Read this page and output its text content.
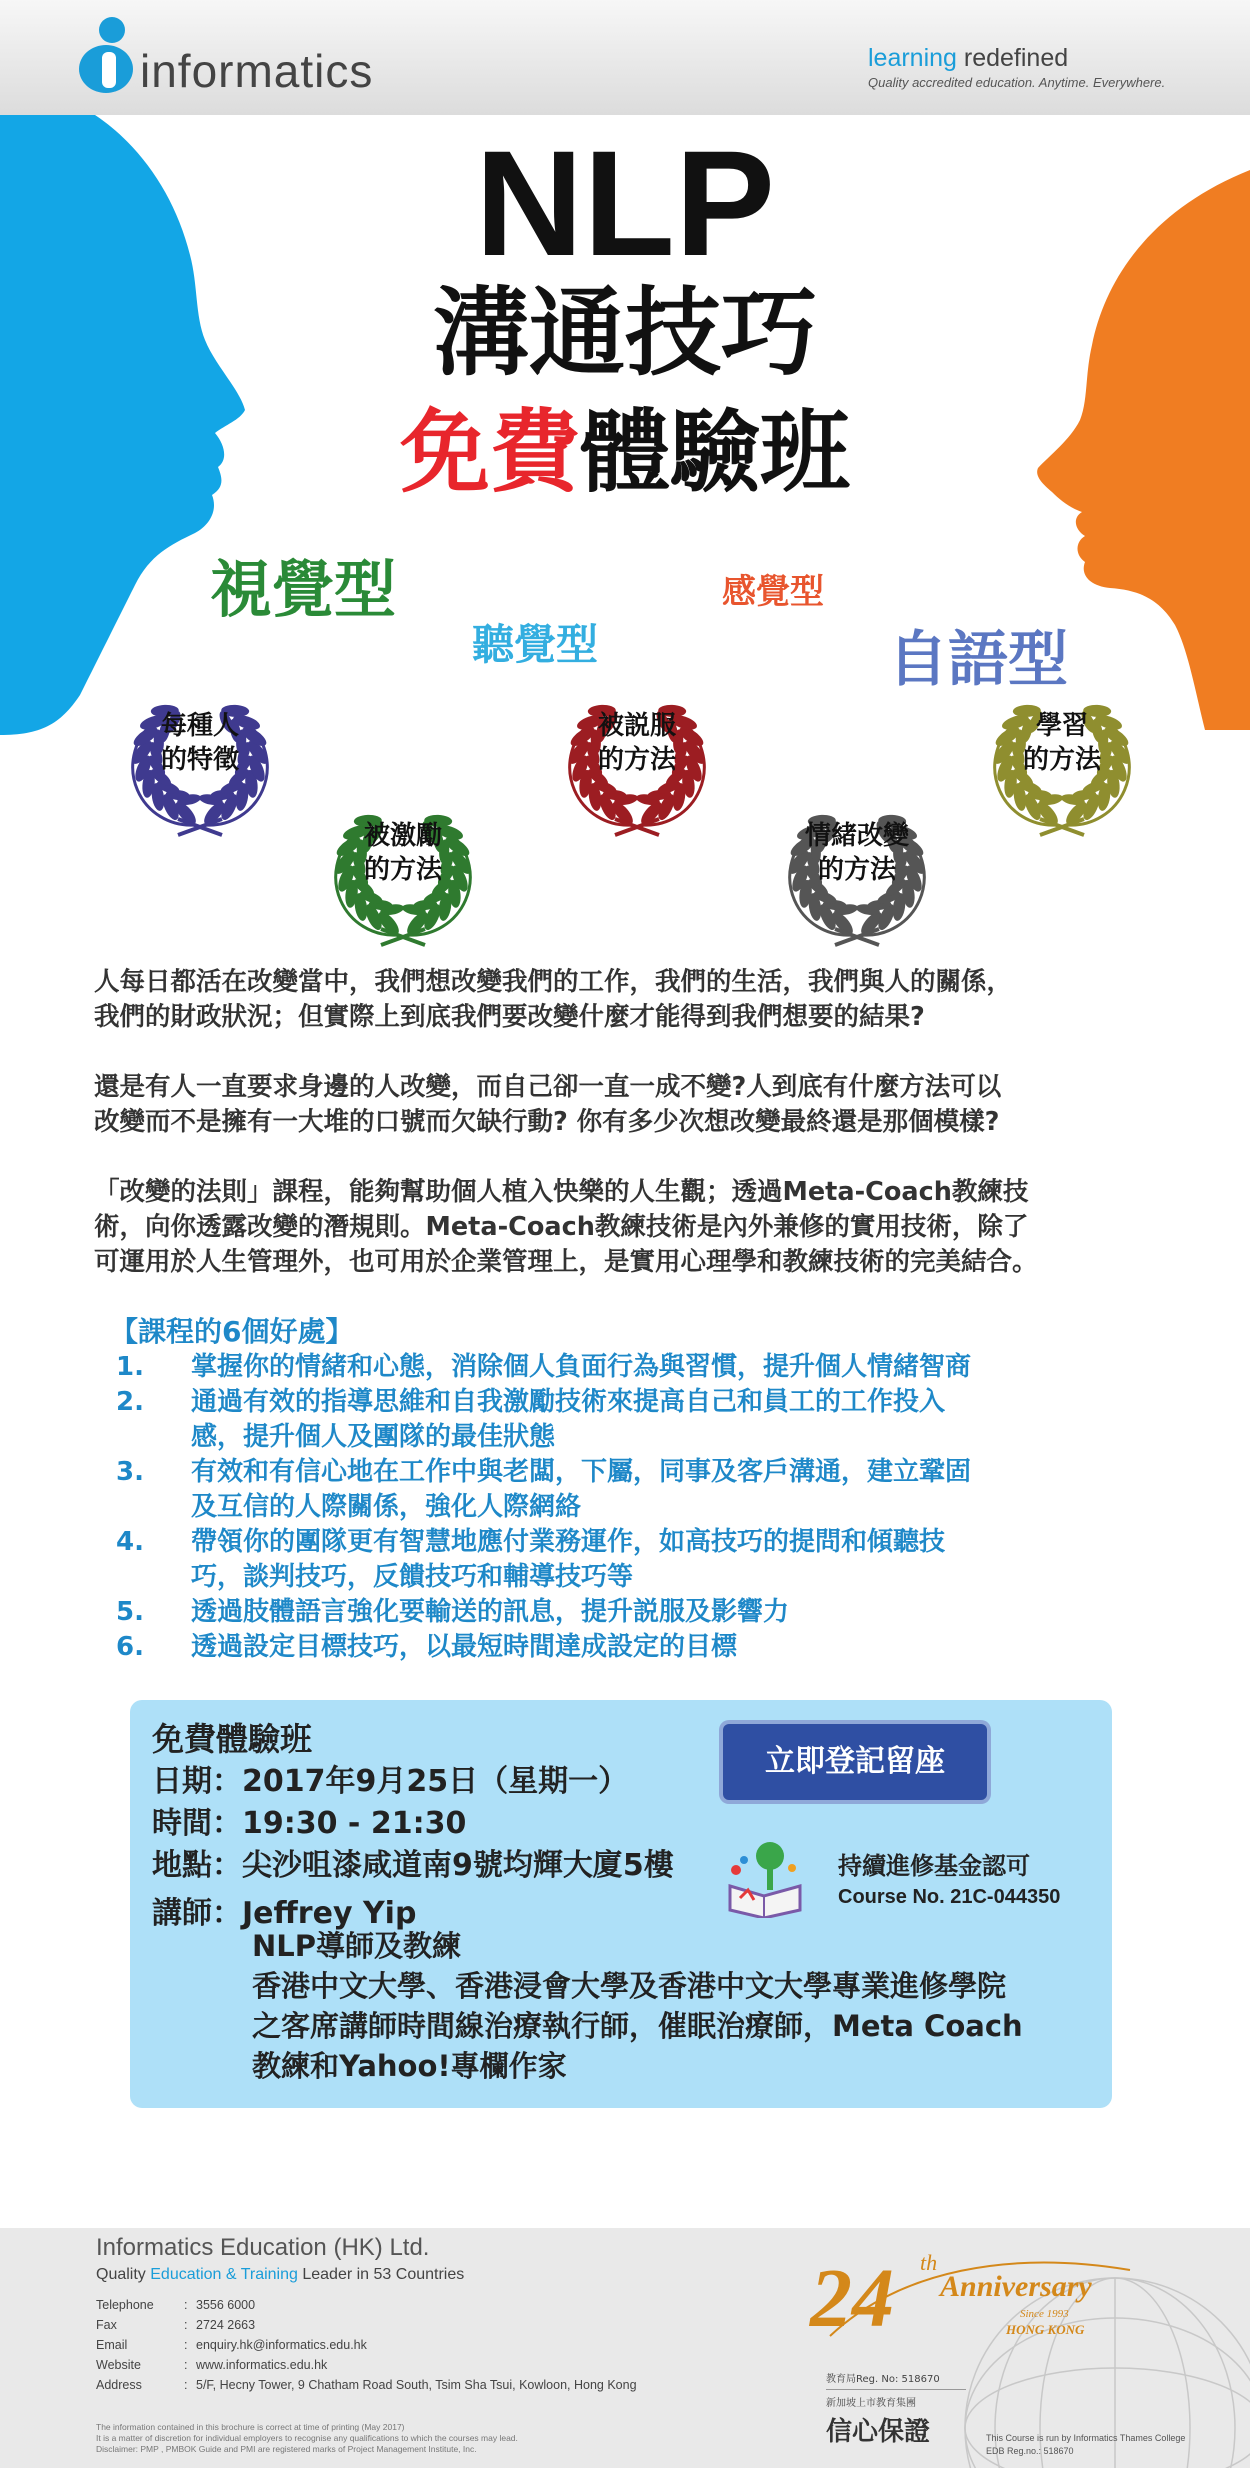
informatics	learning redefined
Quality accredited education. Anytime. Everywhere.
NLP
溝通技巧
免費體驗班
視覺型
聽覺型
感覺型
自語型
每種人
的特徵
被激勵
的方法
被説服
的方法
情緒改變
的方法
學習
的方法
人每日都活在改變當中，我們想改變我們的工作，我們的生活，我們與人的關係，
我們的財政狀況；但實際上到底我們要改變什麼才能得到我們想要的結果?
還是有人一直要求身邊的人改變，而自己卻一直一成不變?人到底有什麼方法可以
改變而不是擁有一大堆的口號而欠缺行動? 你有多少次想改變最終還是那個模樣?
「改變的法則」課程，能夠幫助個人植入快樂的人生觀；透過Meta-Coach教練技
術，向你透露改變的潛規則。Meta-Coach教練技術是內外兼修的實用技術，除了
可運用於人生管理外，也可用於企業管理上，是實用心理學和教練技術的完美結合。
【課程的6個好處】
1. 掌握你的情緒和心態，消除個人負面行為與習慣，提升個人情緒智商
2. 通過有效的指導思維和自我激勵技術來提高自己和員工的工作投入
感，提升個人及團隊的最佳狀態
3. 有效和有信心地在工作中與老闆，下屬，同事及客戶溝通，建立鞏固
及互信的人際關係，強化人際網絡
4. 帶領你的團隊更有智慧地應付業務運作，如高技巧的提問和傾聽技
巧，談判技巧，反饋技巧和輔導技巧等
5. 透過肢體語言強化要輸送的訊息，提升説服及影響力
6. 透過設定目標技巧，以最短時間達成設定的目標
免費體驗班
日期：2017年9月25日（星期一）
時間：19:30 - 21:30
地點：尖沙咀漆咸道南9號均輝大廈5樓
講師：Jeffrey Yip
NLP導師及教練
香港中文大學、香港浸會大學及香港中文大學專業進修學院
之客席講師時間線治療執行師，催眠治療師，Meta Coach
教練和Yahoo!專欄作家
立即登記留座
持續進修基金認可
Course No. 21C-044350
Informatics Education (HK) Ltd.
Quality Education & Training Leader in 53 Countries
Telephone : 3556 6000
Fax	: 2724 2663
Email	: enquiry.hk@informatics.edu.hk
Website	: www.informatics.edu.hk
Address	: 5/F, Hecny Tower, 9 Chatham Road South, Tsim Sha Tsui, Kowloon, Hong Kong
The information contained in this brochure is correct at time of printing (May 2017)
It is a matter of discretion for individual employers to recognise any qualifications to which the courses may lead.
Disclaimer: PMP , PMBOK Guide and PMI are registered marks of Project Management Institute, Inc.
24 th
Anniversary
Since 1993
HONG KONG
教育局Reg. No: 518670
新加坡上市教育集團
信心保證	This Course is run by Informatics Thames College
EDB Reg.no.: 518670
